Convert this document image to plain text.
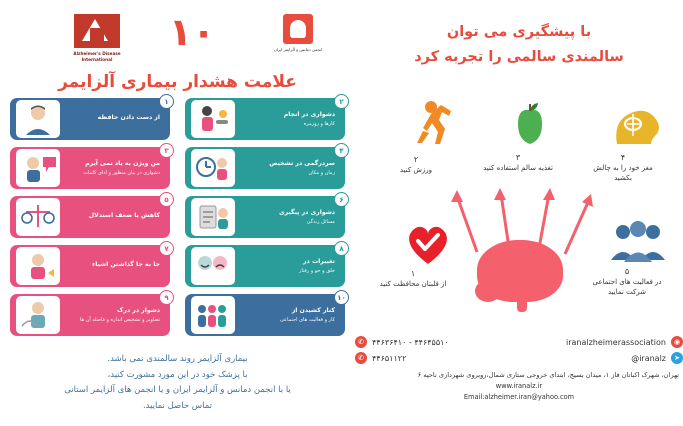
Alzheimer's Disease International
۱۰	انجمن دمانس و آلزایمر ایران
علامت هشدار بیماری آلزایمر
۲
دشواری در انجام
کارها و روزمره
۱
از دست دادن حافظه
۴
سردرگمی در تشخیص
زمان و مکان
۳
من ویژن به یاد نمی آیرم
دشواری در بیان منظور و ادای کلمات
۶
دشواری در پیگیری
مسائل زندگی
۵
کاهش یا ضعف استدلال
۸
تغییرات در
خلق و خو و رفتار
۷
جا به جا گذاشتن اشیاء
۱۰
کنار کشیدن از
کار و فعالیت های اجتماعی
۹
دشوار در درک
تصاویر و تشخیص اندازه و فاصله آن ها
بیماری آلزایمر روند سالمندی نمی باشد.
با پزشک خود در این مورد مشورت کنید،
یا با انجمن دمانس و آلزایمر ایران و یا انجمن های آلزایمر استانی
تماس حاصل نمایید.
با پیشگیری می توان
سالمندی سالمی را تجربه کرد
۲
ورزش کنید
۳
تغذیه سالم استفاده کنید
۴
مغز خود را به چالش بکشید
۱
از قلبتان محافظت کنید
۵
در فعالیت های اجتماعی شرکت نمایید
✆	۴۴۶۳۶۴۱۰ - ۴۴۶۴۵۵۱۰	iranalzheimerassociation	◉
✆	۴۴۶۵۱۱۲۲	@iranalz	➤
تهران، شهرک اکباتان فاز ۱، میدان بسیج، ابتدای خروجی ستاری شمال،روبروی شهرداری ناحیه ۶
www.iranalz.ir
Email:alzheimer.iran@yahoo.com
